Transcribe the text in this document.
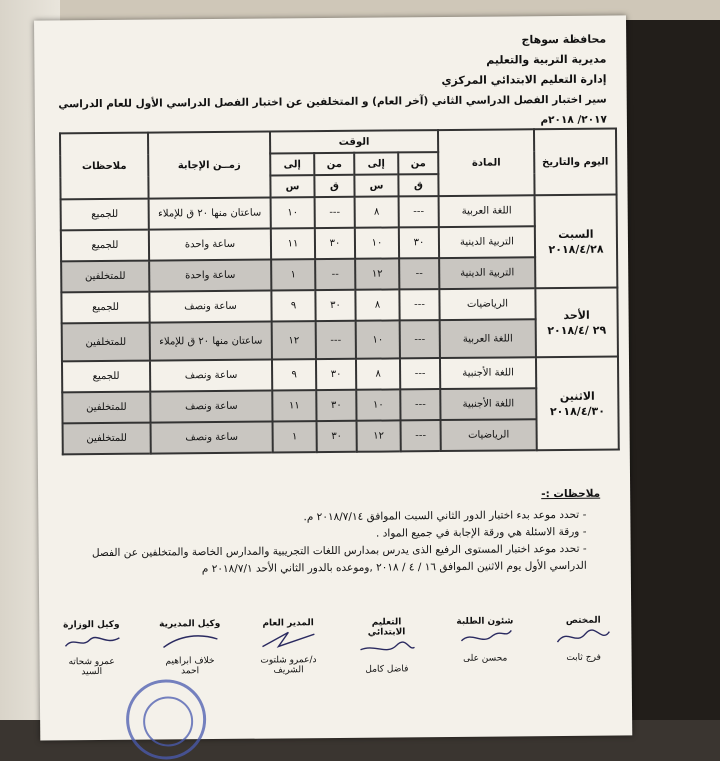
محافظة سوهاج
مديرية التربية والتعليم
إدارة التعليم الابتدائي المركزي
سير اختبار الفصل الدراسي الثاني (آخر العام) و المتخلفين عن اختبار الفصل الدراسي الأول للعام الدراسي ٢٠١٧/ ٢٠١٨م
اليوم والتاريخ	المادة	الوقت				زمــن الإجابة	ملاحظات
		من	إلى	من	إلى		
		ق	س	ق	س		

السبت
٢٠١٨/٤/٢٨	اللغة العربية	---	٨	---	١٠	ساعتان منها ٢٠ ق للإملاء	للجميع
	التربية الدينية	٣٠	١٠	٣٠	١١	ساعة واحدة	للجميع
	التربية الدينية	--	١٢	--	١	ساعة واحدة	للمتخلفين

الأحد
٢٩ /٢٠١٨/٤	الرياضيات	---	٨	٣٠	٩	ساعة ونصف	للجميع
	اللغة العربية	---	١٠	---	١٢	ساعتان منها ٢٠ ق للإملاء	للمتخلفين

الاثنين
٢٠١٨/٤/٣٠	اللغة الأجنبية	---	٨	٣٠	٩	ساعة ونصف	للجميع
	اللغة الأجنبية	---	١٠	٣٠	١١	ساعة ونصف	للمتخلفين
	الرياضيات	---	١٢	٣٠	١	ساعة ونصف	للمتخلفين
ملاحظات :-
- تحدد موعد بدء اختبار الدور الثاني السبت الموافق ٢٠١٨/٧/١٤ م.
- ورقة الاسئلة هي ورقة الإجابة في جميع المواد .
- تحدد موعد اختبار المستوى الرفيع الذى يدرس بمدارس اللغات التجريبية والمدارس الخاصة والمتخلفين عن الفصل الدراسي الأول يوم الاثنين الموافق ١٦ / ٤ / ٢٠١٨ ,وموعده بالدور الثاني الأحد ٢٠١٨/٧/١ م
المختص
فرج ثابت
شئون الطلبة
محسن على
التعليم الابتدائي
فاضل كامل
المدير العام
د/عمرو شلتوت الشريف
وكيل المديرية
خلاف ابراهيم احمد
وكيل الوزارة
عمرو شحاته السيد
